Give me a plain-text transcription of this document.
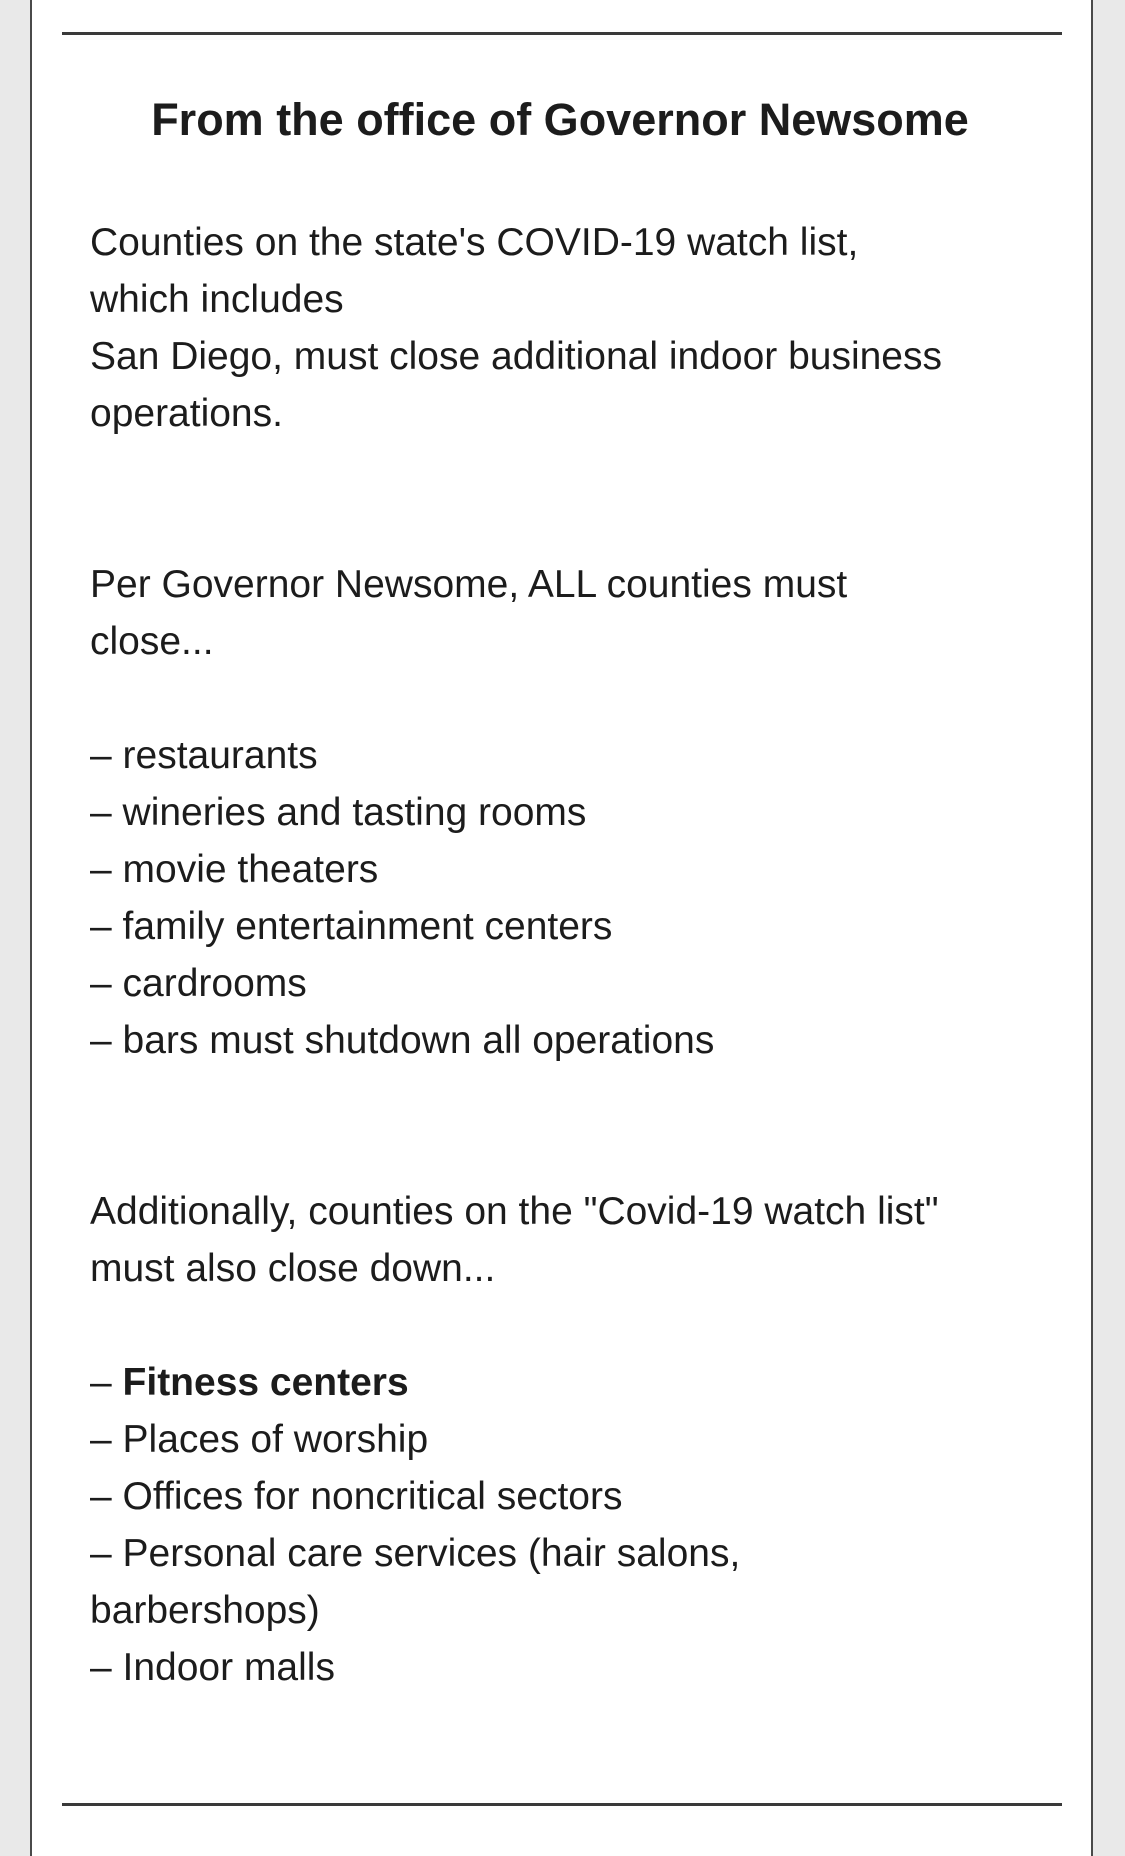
From the office of Governor Newsome

Counties on the state's COVID-19 watch list,
which includes
San Diego, must close additional indoor business
operations.

Per Governor Newsome, ALL counties must close...

– restaurants
– wineries and tasting rooms
– movie theaters
– family entertainment centers
– cardrooms
– bars must shutdown all operations

Additionally, counties on the "Covid-19 watch list" must also close down...

– Fitness centers
– Places of worship
– Offices for noncritical sectors
– Personal care services (hair salons, barbershops)
– Indoor malls
